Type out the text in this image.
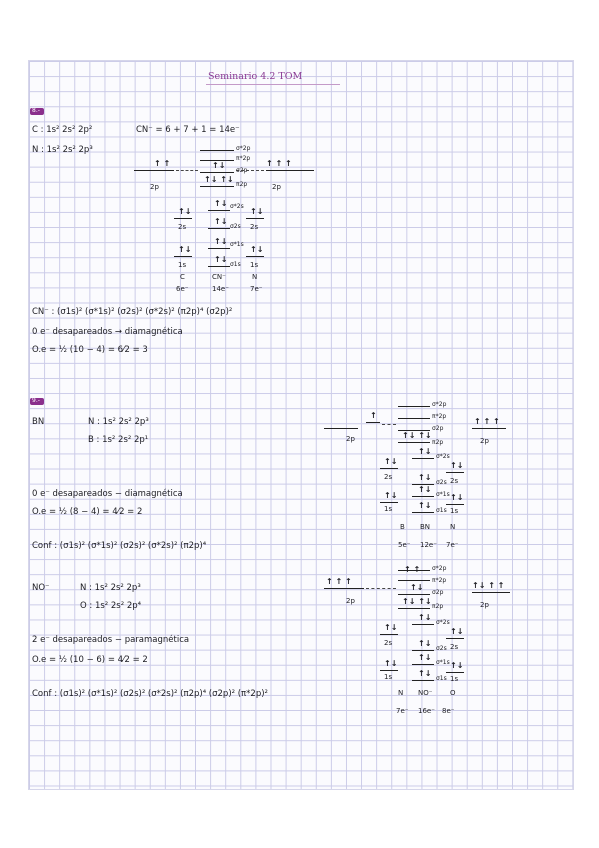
Seminario 4.2 TOM
8.-
C : 1s² 2s² 2p²
N : 1s² 2s² 2p³
CN⁻ = 6 + 7 + 1 = 14e⁻
↑ ↑
2p
↑ ↑ ↑
2p
σ*2p
π*2p
↑↓
σ2p
↑↓ ↑↓
π2p
↑↓
2s
↑↓
2s
↑↓ σ*2s
↑↓
σ2s
↑↓
1s
↑↓
1s
↑↓ σ*1s
↑↓
σ1s
C	CN⁻	N
6e⁻	14e⁻	7e⁻
CN⁻ : (σ1s)² (σ*1s)² (σ2s)² (σ*2s)² (π2p)⁴ (σ2p)²
0 e⁻ desapareados → diamagnética
O.e = ½ (10 − 4) = 6⁄2 = 3
9.-
BN	N : 1s² 2s² 2p³
B : 1s² 2s² 2p¹
0 e⁻ desapareados − diamagnética
O.e = ½ (8 − 4) = 4⁄2 = 2
Conf : (σ1s)² (σ*1s)² (σ2s)² (σ*2s)² (π2p)⁴
2p
↑
↑ ↑ ↑
2p
σ*2p
π*2p
σ2p
↑↓ ↑↓
π2p
↑↓
2s
↑↓
2s
↑↓
σ*2s
↑↓
σ2s
↑↓
1s
↑↓
1s
↑↓
σ*1s
↑↓
σ1s
B BN	N
5e⁻ 12e⁻ 7e⁻
NO⁻	N : 1s² 2s² 2p³
O : 1s² 2s² 2p⁴
2 e⁻ desapareados − paramagnética
O.e = ½ (10 − 6) = 4⁄2 = 2
Conf : (σ1s)² (σ*1s)² (σ2s)² (σ*2s)² (π2p)⁴ (σ2p)² (π*2p)²
↑ ↑ ↑
2p
↑↓ ↑ ↑
2p
↑ ↑ σ*2p
π*2p
↑↓
σ2p
↑↓ ↑↓
π2p
↑↓
2s
↑↓
2s
↑↓
σ*2s
↑↓
σ2s
↑↓
1s
↑↓
1s
↑↓
σ*1s
↑↓
σ1s
N NO⁻	O
7e⁻ 16e⁻ 8e⁻
